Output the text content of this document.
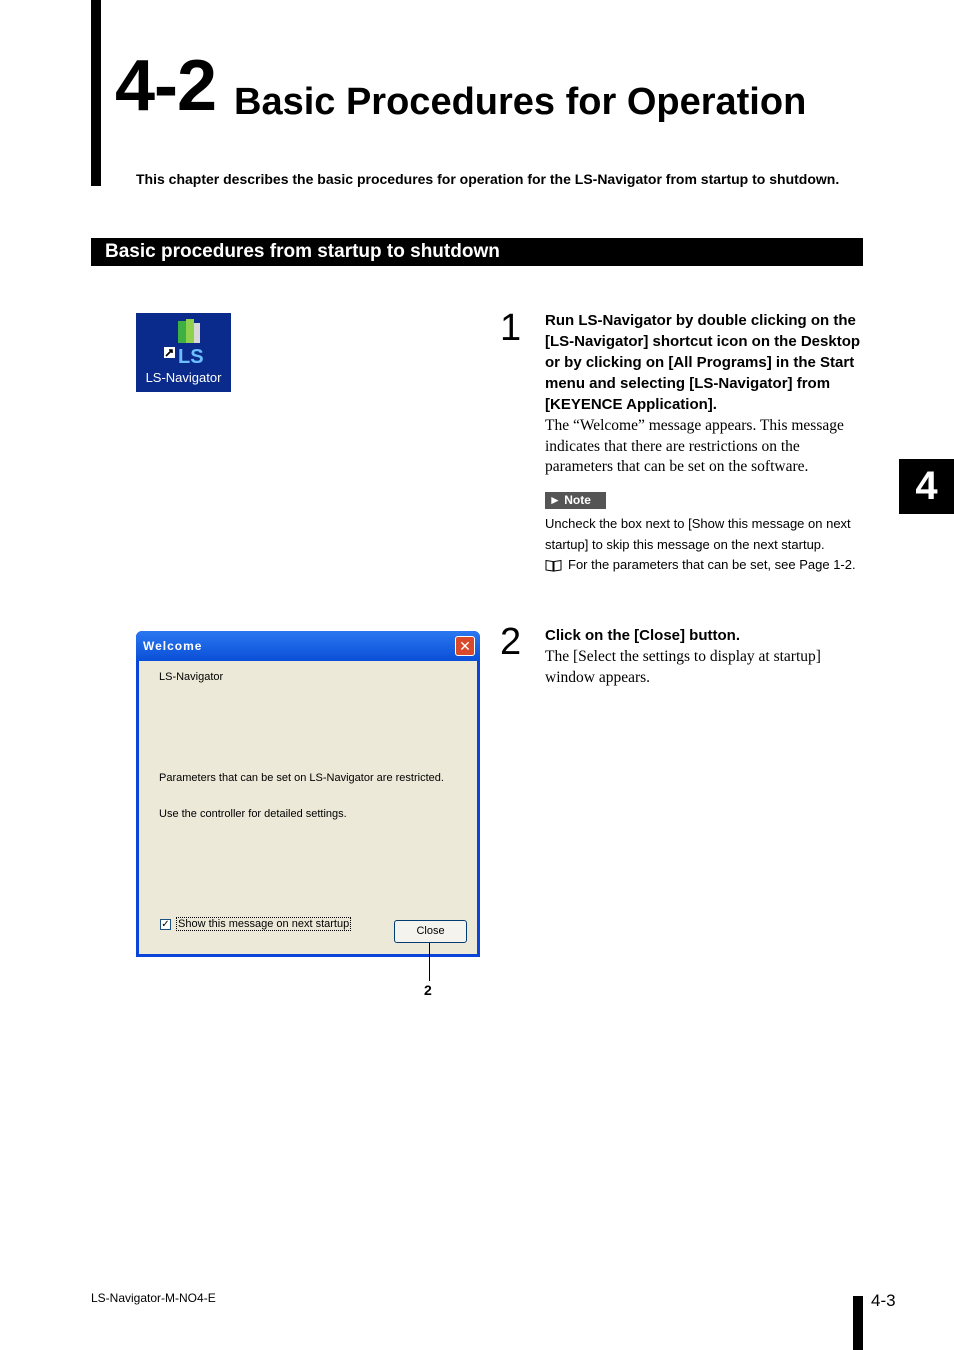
4-2 Basic Procedures for Operation
This chapter describes the basic procedures for operation for the LS-Navigator from startup to shutdown.
Basic procedures from startup to shutdown
4
LS
LS-Navigator
1 Run LS-Navigator by double clicking on the [LS-Navigator] shortcut icon on the Desktop or by clicking on [All Programs] in the Start menu and selecting [LS-Navigator] from [KEYENCE Application].
The “Welcome” message appears. This message indicates that there are restrictions on the parameters that can be set on the software.
► Note
Uncheck the box next to [Show this message on next startup] to skip this message on the next startup.
For the parameters that can be set, see Page 1-2.
2 Click on the [Close] button.
The [Select the settings to display at startup] window appears.
Welcome	✕
LS-Navigator
Parameters that can be set on LS-Navigator are restricted.
Use the controller for detailed settings.
✓ Show this message on next startup
Close
2
LS-Navigator-M-NO4-E	4-3
